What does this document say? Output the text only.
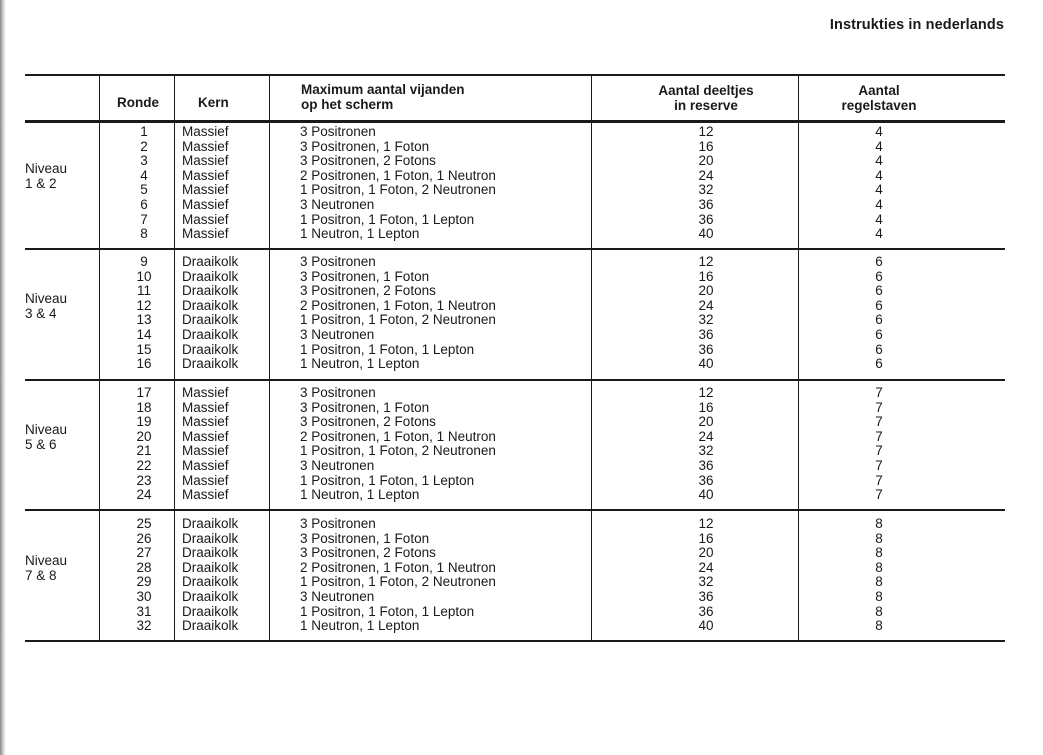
Instrukties in nederlands
Ronde	Kern
Maximum aantal vijanden
op het scherm
Aantal deeltjes
in reserve
Aantal
regelstaven
Niveau
1 & 2
1
2
3
4
5
6
7
8
Massief
Massief
Massief
Massief
Massief
Massief
Massief
Massief
3 Positronen
3 Positronen, 1 Foton
3 Positronen, 2 Fotons
2 Positronen, 1 Foton, 1 Neutron
1 Positron, 1 Foton, 2 Neutronen
3 Neutronen
1 Positron, 1 Foton, 1 Lepton
1 Neutron, 1 Lepton
12
16
20
24
32
36
36
40
4
4
4
4
4
4
4
4
Niveau
3 & 4
9
10
11
12
13
14
15
16
Draaikolk
Draaikolk
Draaikolk
Draaikolk
Draaikolk
Draaikolk
Draaikolk
Draaikolk
3 Positronen
3 Positronen, 1 Foton
3 Positronen, 2 Fotons
2 Positronen, 1 Foton, 1 Neutron
1 Positron, 1 Foton, 2 Neutronen
3 Neutronen
1 Positron, 1 Foton, 1 Lepton
1 Neutron, 1 Lepton
12
16
20
24
32
36
36
40
6
6
6
6
6
6
6
6
Niveau
5 & 6
17
18
19
20
21
22
23
24
Massief
Massief
Massief
Massief
Massief
Massief
Massief
Massief
3 Positronen
3 Positronen, 1 Foton
3 Positronen, 2 Fotons
2 Positronen, 1 Foton, 1 Neutron
1 Positron, 1 Foton, 2 Neutronen
3 Neutronen
1 Positron, 1 Foton, 1 Lepton
1 Neutron, 1 Lepton
12
16
20
24
32
36
36
40
7
7
7
7
7
7
7
7
Niveau
7 & 8
25
26
27
28
29
30
31
32
Draaikolk
Draaikolk
Draaikolk
Draaikolk
Draaikolk
Draaikolk
Draaikolk
Draaikolk
3 Positronen
3 Positronen, 1 Foton
3 Positronen, 2 Fotons
2 Positronen, 1 Foton, 1 Neutron
1 Positron, 1 Foton, 2 Neutronen
3 Neutronen
1 Positron, 1 Foton, 1 Lepton
1 Neutron, 1 Lepton
12
16
20
24
32
36
36
40
8
8
8
8
8
8
8
8
